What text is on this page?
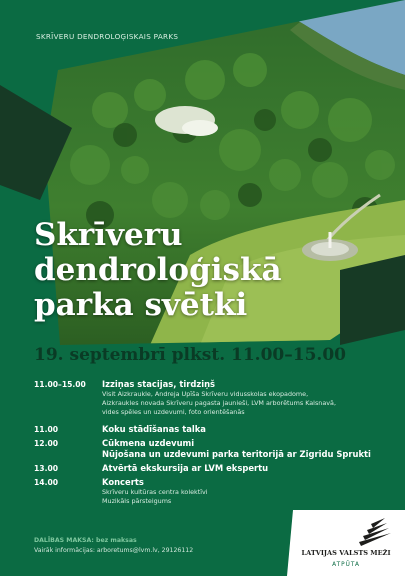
SKRĪVERU DENDROLOĢISKAIS PARKS
Skrīveru
dendroloģiskā
parka svētki
19. septembrī plkst. 11.00–15.00
11.00–15.00	Izziņas stacijas, tirdziņš
Visit Aizkraukle, Andreja Upīša Skrīveru vidusskolas ekopadome,
Aizkraukles novada Skrīveru pagasta jaunieši, LVM arborētums Kalsnavā,
vides spēles un uzdevumi, foto orientēšanās
11.00	Koku stādīšanas talka
12.00	Cūkmena uzdevumi
Nūjošana un uzdevumi parka teritorijā ar Zigridu Sprukti
13.00	Atvērtā ekskursija ar LVM ekspertu
14.00	Koncerts
Skrīveru kultūras centra kolektīvi
Muzikāls pārsteigums
DALĪBAS MAKSA: bez maksas
Vairāk informācijas: arboretums@lvm.lv, 29126112	LATVIJAS VALSTS MEŽI
ATPŪTA
